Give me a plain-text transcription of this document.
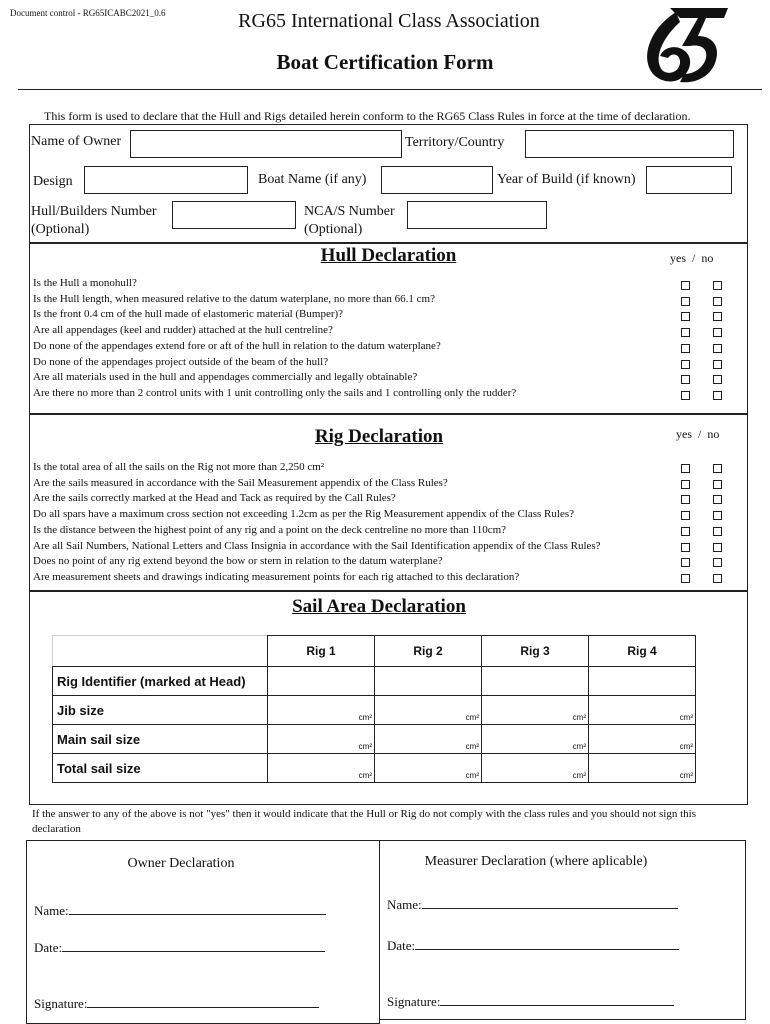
Document control - RG65ICABC2021_0.6	RG65 International Class Association
Boat Certification Form
This form is used to declare that the Hull and Rigs detailed herein conform to the RG65 Class Rules in force at the time of declaration.
Name of Owner	Territory/Country
Design	Boat Name (if any)	Year of Build (if known)
Hull/Builders Number
(Optional)
NCA/S Number
(Optional)
Hull Declaration	yes  /  no
Is the Hull a monohull?
Is the Hull length, when measured relative to the datum waterplane, no more than 66.1 cm?
Is the front 0.4 cm of the hull made of elastomeric material (Bumper)?
Are all appendages (keel and rudder) attached at the hull centreline?
Do none of the appendages extend fore or aft of the hull in relation to the datum waterplane?
Do none of the appendages project outside of the beam of the hull?
Are all materials used in the hull and appendages commercially and legally obtainable?
Are there no more than 2 control units with 1 unit controlling only the sails and 1 controlling only the rudder?
Rig Declaration	yes  /  no
Is the total area of all the sails on the Rig not more than 2,250 cm²
Are the sails measured in accordance with the Sail Measurement appendix of the Class Rules?
Are the sails correctly marked at the Head and Tack as required by the Call Rules?
Do all spars have a maximum cross section not exceeding 1.2cm as per the Rig Measurement appendix of the Class Rules?
Is the distance between the highest point of any rig and a point on the deck centreline no more than 110cm?
Are all Sail Numbers, National Letters and Class Insignia in accordance with the Sail Identification appendix of the Class Rules?
Does no point of any rig extend beyond the bow or stern in relation to the datum waterplane?
Are measurement sheets and drawings indicating measurement points for each rig attached to this declaration?
Sail Area Declaration
	Rig 1	Rig 2	Rig 3	Rig 4
Rig Identifier (marked at Head)				
Jib size	cm²	cm²	cm²	cm²
Main sail size	cm²	cm²	cm²	cm²
Total sail size	cm²	cm²	cm²	cm²
If the answer to any of the above is not "yes" then it would indicate that the Hull or Rig do not comply with the class rules and you should not sign this declaration
Owner Declaration
Name:
Date:
Signature:
Measurer Declaration (where aplicable)
Name:
Date:
Signature:
